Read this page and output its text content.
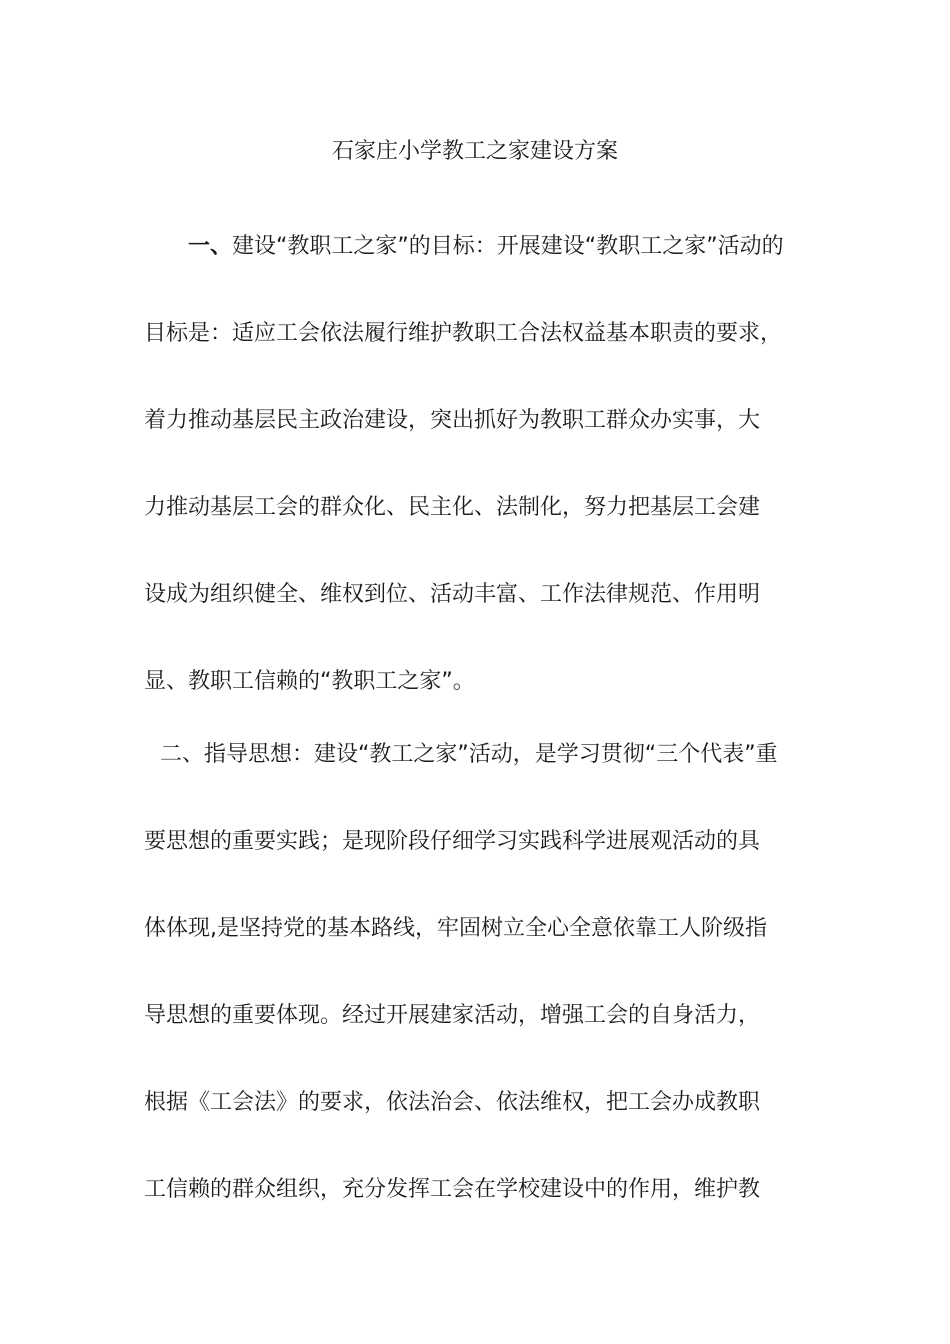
石家庄小学教工之家建设方案
一、建设“教职工之家”的目标：开展建设“教职工之家”活动的
目标是：适应工会依法履行维护教职工合法权益基本职责的要求，
着力推动基层民主政治建设，突出抓好为教职工群众办实事，大
力推动基层工会的群众化、民主化、法制化，努力把基层工会建
设成为组织健全、维权到位、活动丰富、工作法律规范、作用明
显、教职工信赖的“教职工之家”。
二、指导思想：建设“教工之家”活动，是学习贯彻“三个代表”重
要思想的重要实践；是现阶段仔细学习实践科学进展观活动的具
体体现,是坚持党的基本路线，牢固树立全心全意依靠工人阶级指
导思想的重要体现。经过开展建家活动，增强工会的自身活力，
根据《工会法》的要求，依法治会、依法维权，把工会办成教职
工信赖的群众组织，充分发挥工会在学校建设中的作用，维护教
